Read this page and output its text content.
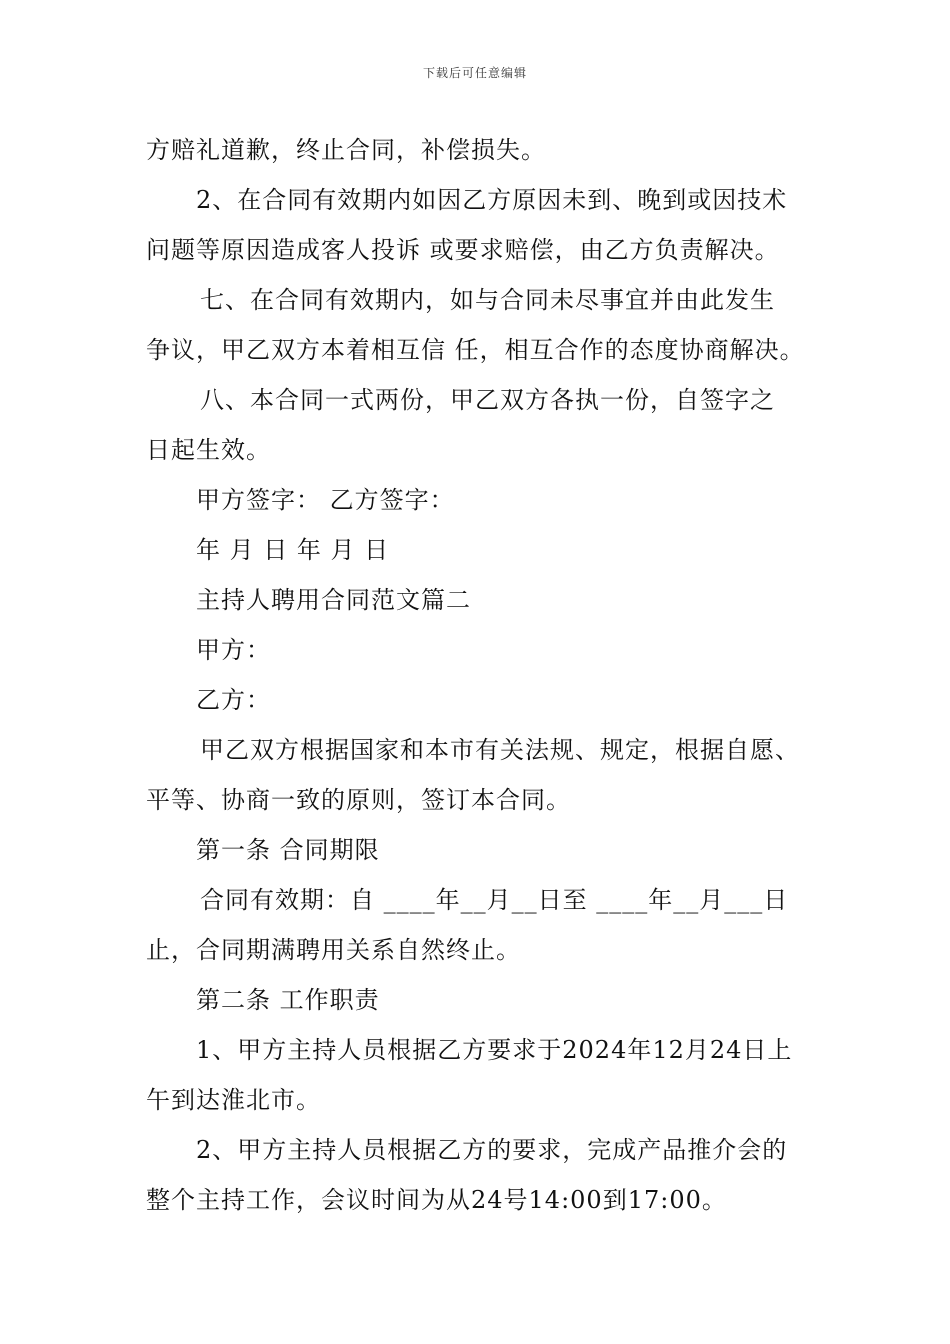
下载后可任意编辑
方赔礼道歉，终止合同，补偿损失。
2、在合同有效期内如因乙方原因未到、晚到或因技术
问题等原因造成客人投诉 或要求赔偿，由乙方负责解决。
七、在合同有效期内，如与合同未尽事宜并由此发生
争议，甲乙双方本着相互信 任，相互合作的态度协商解决。
八、本合同一式两份，甲乙双方各执一份，自签字之
日起生效。
甲方签字： 乙方签字：
年 月 日 年 月 日
主持人聘用合同范文篇二
甲方：
乙方：
甲乙双方根据国家和本市有关法规、规定，根据自愿、
平等、协商一致的原则，签订本合同。
第一条 合同期限
合同有效期：自 ____年__月__日至 ____年__月___日
止，合同期满聘用关系自然终止。
第二条 工作职责
1、甲方主持人员根据乙方要求于2024年12月24日上
午到达淮北市。
2、甲方主持人员根据乙方的要求，完成产品推介会的
整个主持工作，会议时间为从24号14:00到17:00。
